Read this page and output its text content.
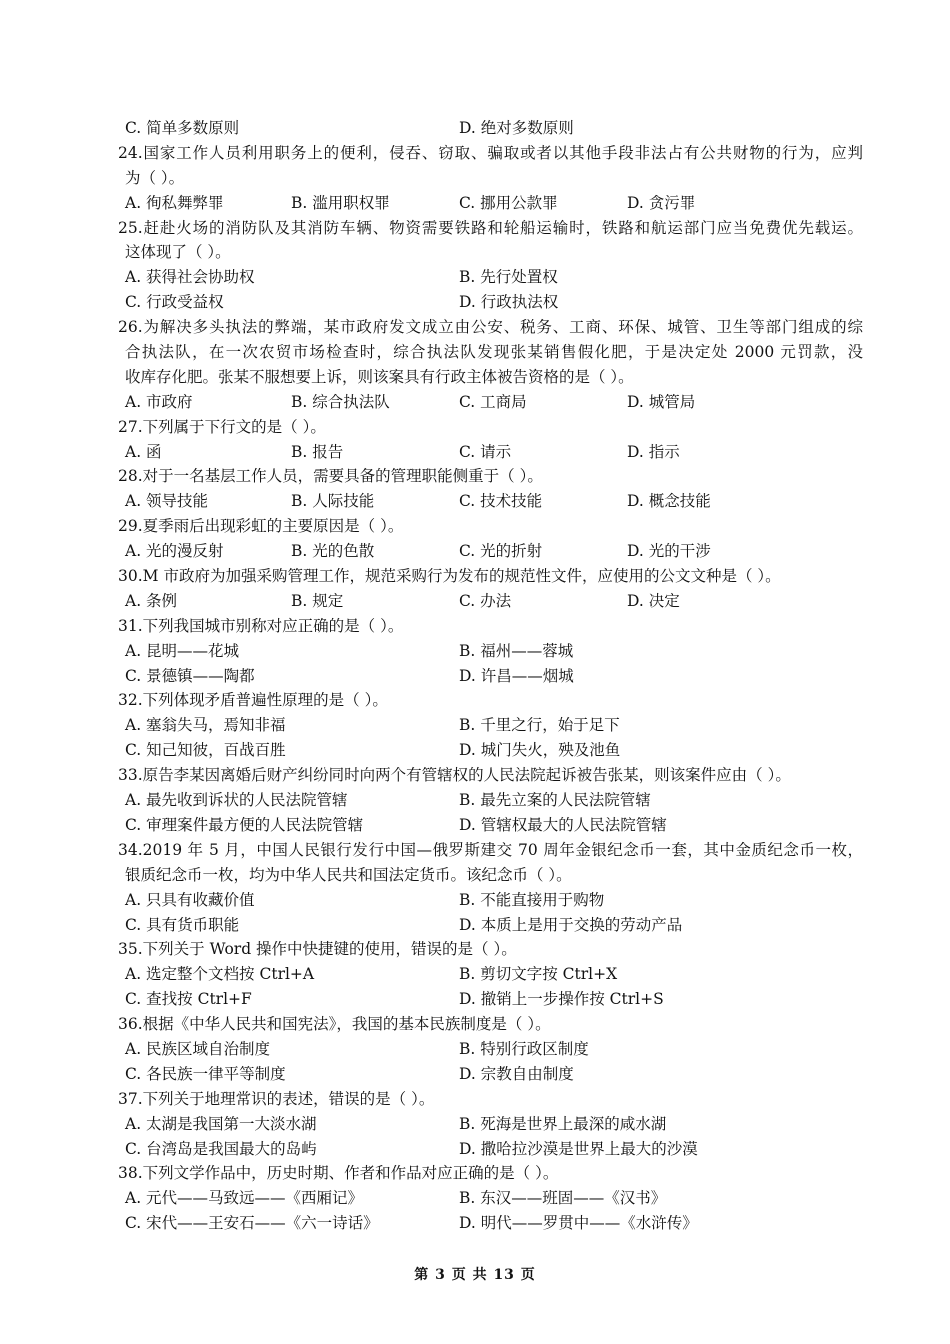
C. 简单多数原则	D. 绝对多数原则
24.国家工作人员利用职务上的便利，侵吞、窃取、骗取或者以其他手段非法占有公共财物的行为，应判
为（ ）。
A. 徇私舞弊罪	B. 滥用职权罪	C. 挪用公款罪	D. 贪污罪
25.赶赴火场的消防队及其消防车辆、物资需要铁路和轮船运输时，铁路和航运部门应当免费优先载运。
这体现了（ ）。
A. 获得社会协助权	B. 先行处置权
C. 行政受益权	D. 行政执法权
26.为解决多头执法的弊端，某市政府发文成立由公安、税务、工商、环保、城管、卫生等部门组成的综
合执法队，在一次农贸市场检查时，综合执法队发现张某销售假化肥，于是决定处 2000 元罚款，没
收库存化肥。张某不服想要上诉，则该案具有行政主体被告资格的是（ ）。
A. 市政府	B. 综合执法队	C. 工商局	D. 城管局
27.下列属于下行文的是（ ）。
A. 函	B. 报告	C. 请示	D. 指示
28.对于一名基层工作人员，需要具备的管理职能侧重于（ ）。
A. 领导技能	B. 人际技能	C. 技术技能	D. 概念技能
29.夏季雨后出现彩虹的主要原因是（ ）。
A. 光的漫反射	B. 光的色散	C. 光的折射	D. 光的干涉
30.M 市政府为加强采购管理工作，规范采购行为发布的规范性文件，应使用的公文文种是（ ）。
A. 条例	B. 规定	C. 办法	D. 决定
31.下列我国城市别称对应正确的是（ ）。
A. 昆明——花城	B. 福州——蓉城
C. 景德镇——陶都	D. 许昌——烟城
32.下列体现矛盾普遍性原理的是（ ）。
A. 塞翁失马，焉知非福	B. 千里之行，始于足下
C. 知己知彼，百战百胜	D. 城门失火，殃及池鱼
33.原告李某因离婚后财产纠纷同时向两个有管辖权的人民法院起诉被告张某，则该案件应由（ ）。
A. 最先收到诉状的人民法院管辖	B. 最先立案的人民法院管辖
C. 审理案件最方便的人民法院管辖	D. 管辖权最大的人民法院管辖
34.2019 年 5 月，中国人民银行发行中国—俄罗斯建交 70 周年金银纪念币一套，其中金质纪念币一枚，
银质纪念币一枚，均为中华人民共和国法定货币。该纪念币（ ）。
A. 只具有收藏价值	B. 不能直接用于购物
C. 具有货币职能	D. 本质上是用于交换的劳动产品
35.下列关于 Word 操作中快捷键的使用，错误的是（ ）。
A. 选定整个文档按 Ctrl+A	B. 剪切文字按 Ctrl+X
C. 查找按 Ctrl+F	D. 撤销上一步操作按 Ctrl+S
36.根据《中华人民共和国宪法》，我国的基本民族制度是（ ）。
A. 民族区域自治制度	B. 特别行政区制度
C. 各民族一律平等制度	D. 宗教自由制度
37.下列关于地理常识的表述，错误的是（ ）。
A. 太湖是我国第一大淡水湖	B. 死海是世界上最深的咸水湖
C. 台湾岛是我国最大的岛屿	D. 撒哈拉沙漠是世界上最大的沙漠
38.下列文学作品中，历史时期、作者和作品对应正确的是（ ）。
A. 元代——马致远——《西厢记》	B. 东汉——班固——《汉书》
C. 宋代——王安石——《六一诗话》	D. 明代——罗贯中——《水浒传》
第 3 页 共 13 页
